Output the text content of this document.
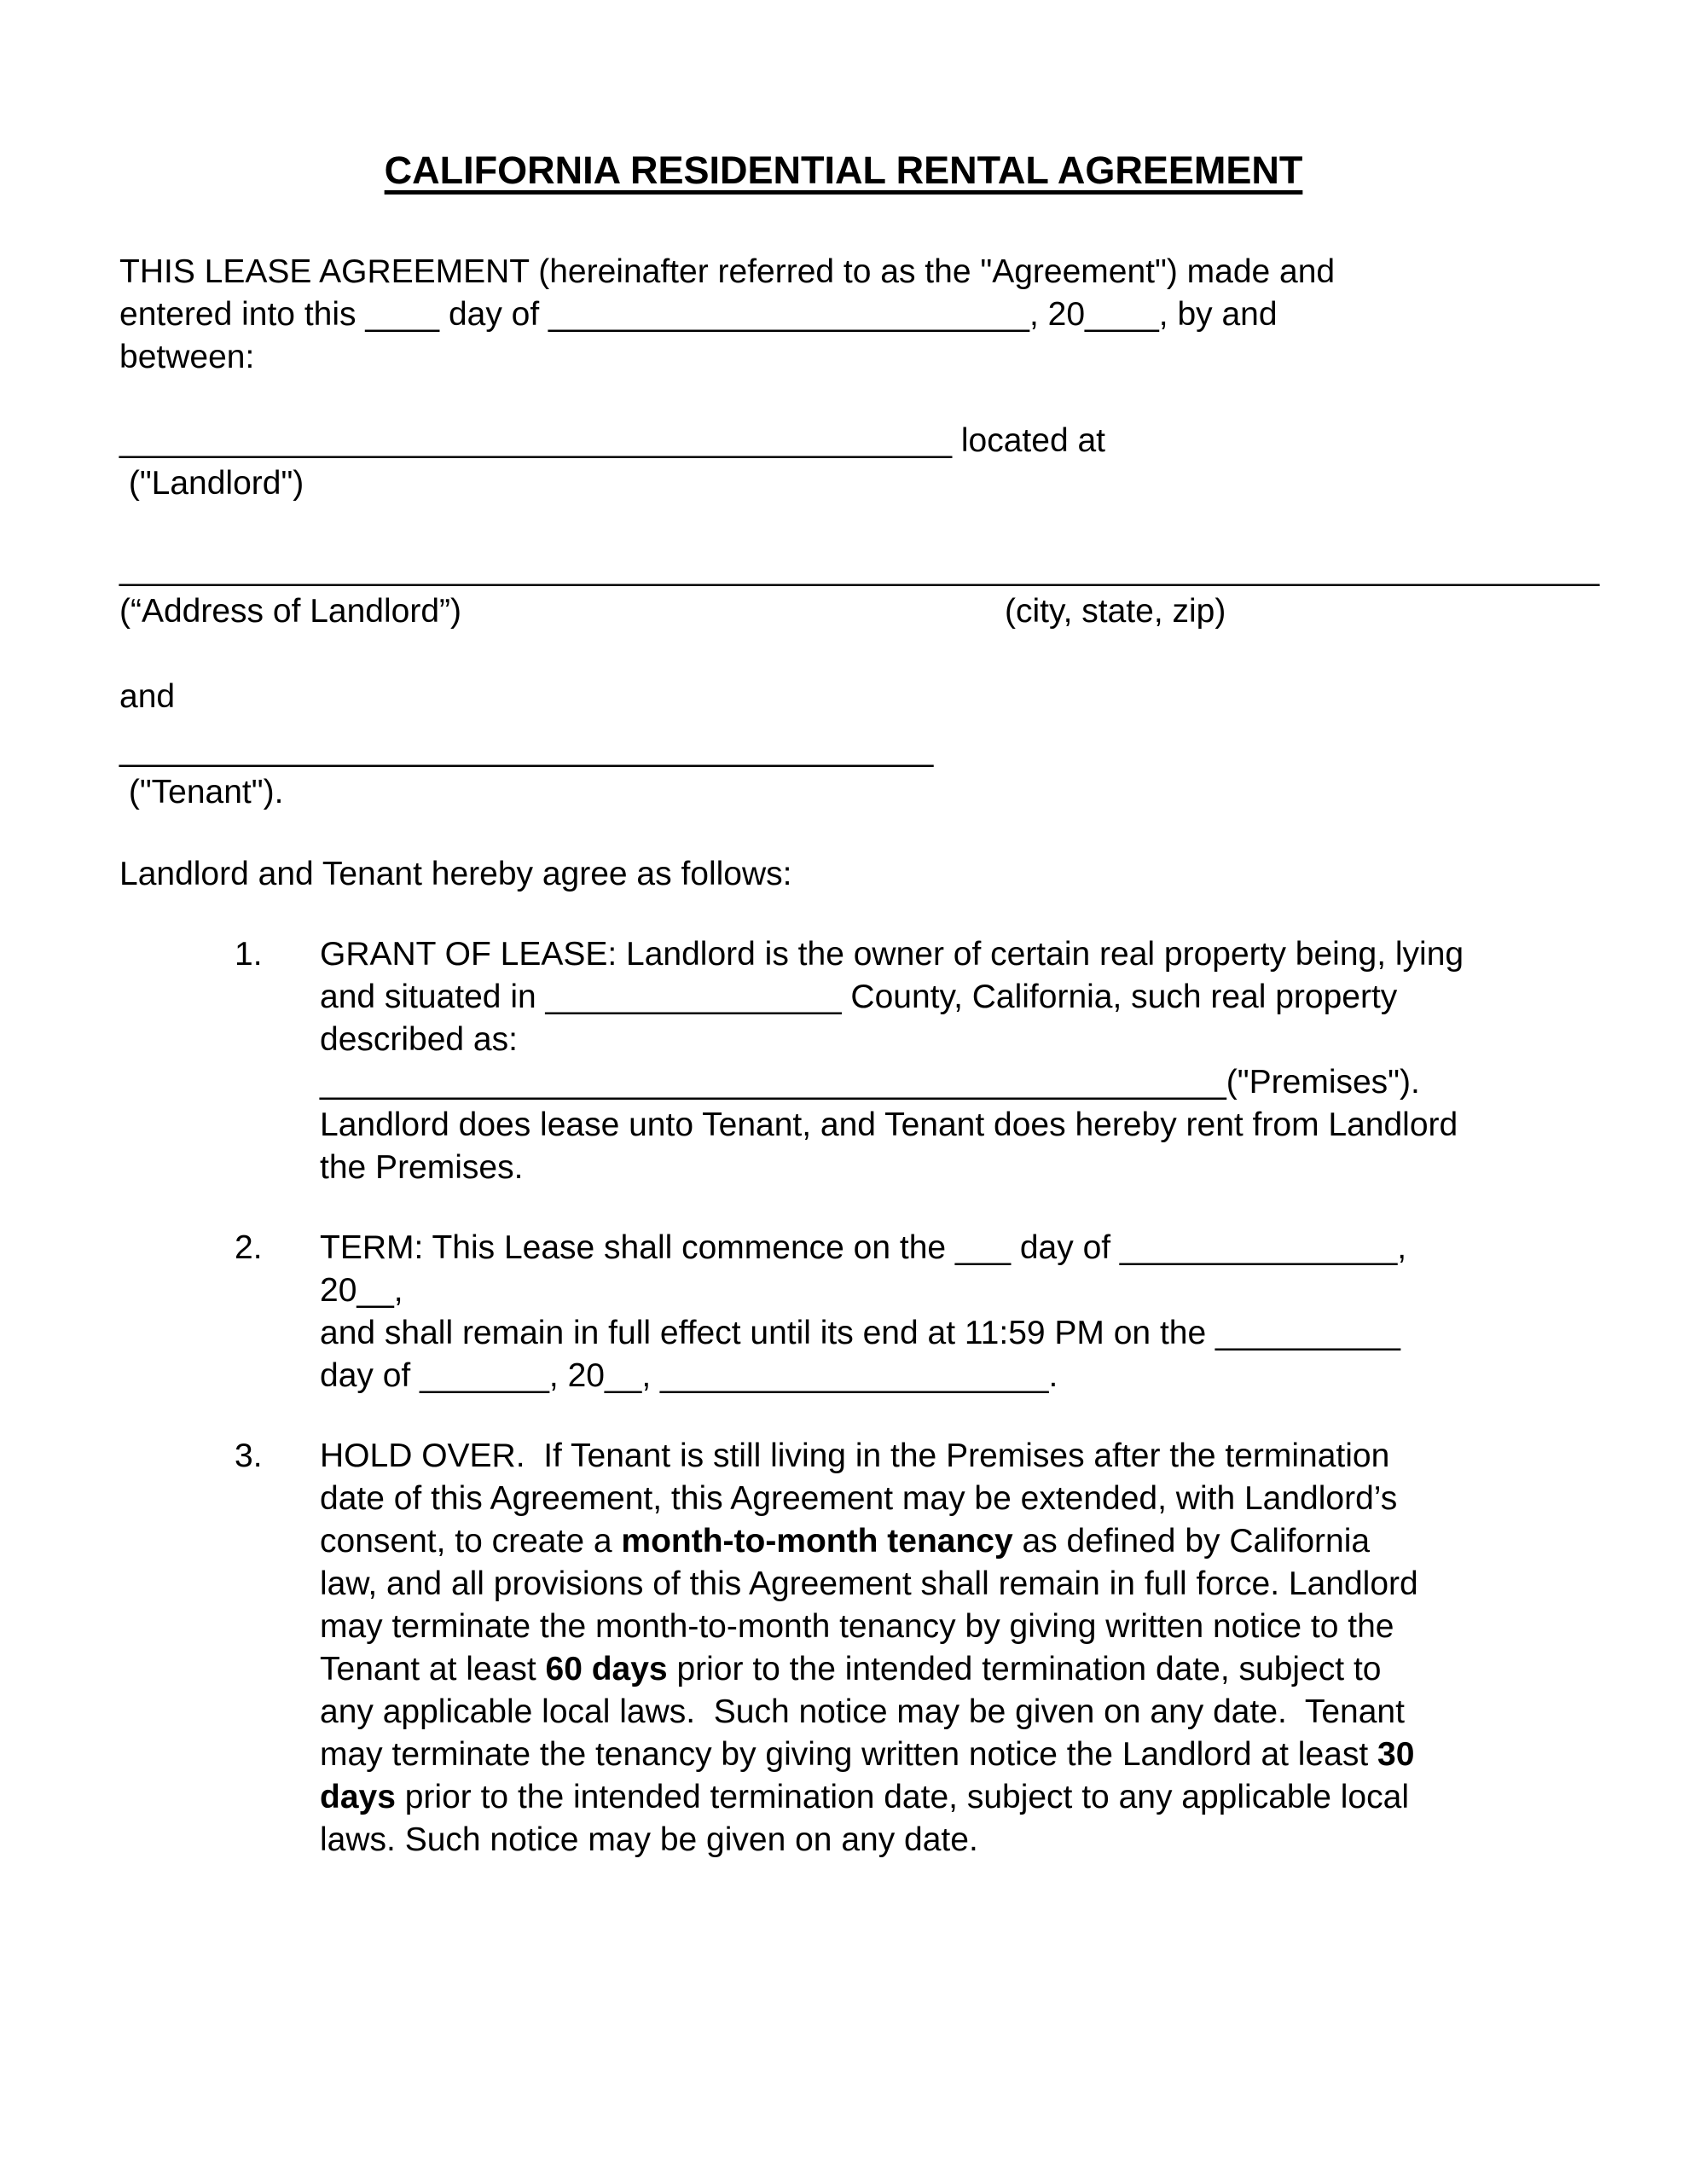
CALIFORNIA RESIDENTIAL RENTAL AGREEMENT

THIS LEASE AGREEMENT (hereinafter referred to as the "Agreement") made and
entered into this ____ day of __________________________, 20____, by and
between:

_____________________________________________ located at

("Landlord")

________________________________________________________________________________

(“Address of Landlord”)	(city, state, zip)

and

____________________________________________

("Tenant").

Landlord and Tenant hereby agree as follows:

1.	GRANT OF LEASE: Landlord is the owner of certain real property being, lying
and situated in ________________ County, California, such real property
described as:
_________________________________________________("Premises").
Landlord does lease unto Tenant, and Tenant does hereby rent from Landlord
the Premises.
2.	TERM: This Lease shall commence on the ___ day of _______________, 20__,
and shall remain in full effect until its end at 11:59 PM on the __________
day of _______, 20__, _____________________.
3.	HOLD OVER.  If Tenant is still living in the Premises after the termination
date of this Agreement, this Agreement may be extended, with Landlord’s
consent, to create a month-to-month tenancy as defined by California
law, and all provisions of this Agreement shall remain in full force. Landlord
may terminate the month-to-month tenancy by giving written notice to the
Tenant at least 60 days prior to the intended termination date, subject to
any applicable local laws.  Such notice may be given on any date.  Tenant
may terminate the tenancy by giving written notice the Landlord at least 30
days prior to the intended termination date, subject to any applicable local
laws. Such notice may be given on any date.
